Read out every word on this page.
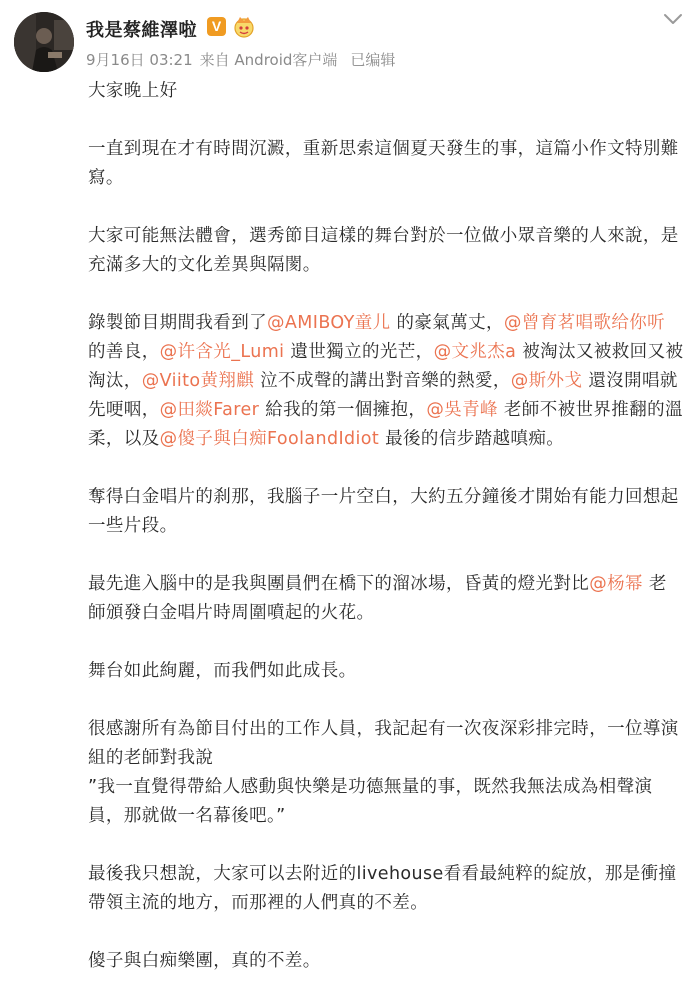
我是蔡維澤啦	V
9月16日 03:21 来自 Android客户端 已编辑

大家晚上好

一直到現在才有時間沉澱，重新思索這個夏天發生的事，這篇小作文特別難寫。

大家可能無法體會，選秀節目這樣的舞台對於一位做小眾音樂的人來說，是充滿多大的文化差異與隔閡。

錄製節目期間我看到了@AMIBOY童儿 的豪氣萬丈，@曾育茗唱歌给你听 的善良，@许含光_Lumi 遺世獨立的光芒，@文兆杰a 被淘汰又被救回又被淘汰，@Viito黄翔麒 泣不成聲的講出對音樂的熱愛，@斯外戈 還沒開唱就先哽咽，@田燚Farer 給我的第一個擁抱，@吳青峰 老師不被世界推翻的溫柔，以及@傻子與白痴FoolandIdiot 最後的信步踏越嗔痴。

奪得白金唱片的刹那，我腦子一片空白，大約五分鐘後才開始有能力回想起一些片段。

最先進入腦中的是我與團員們在橋下的溜冰場，昏黃的燈光對比@杨幂 老師頒發白金唱片時周圍噴起的火花。

舞台如此絢麗，而我們如此成長。

很感謝所有為節目付出的工作人員，我記起有一次夜深彩排完時，一位導演組的老師對我說

”我一直覺得帶給人感動與快樂是功德無量的事，既然我無法成為相聲演員，那就做一名幕後吧。”

最後我只想說，大家可以去附近的livehouse看看最純粹的綻放，那是衝撞帶領主流的地方，而那裡的人們真的不差。

傻子與白痴樂團，真的不差。
